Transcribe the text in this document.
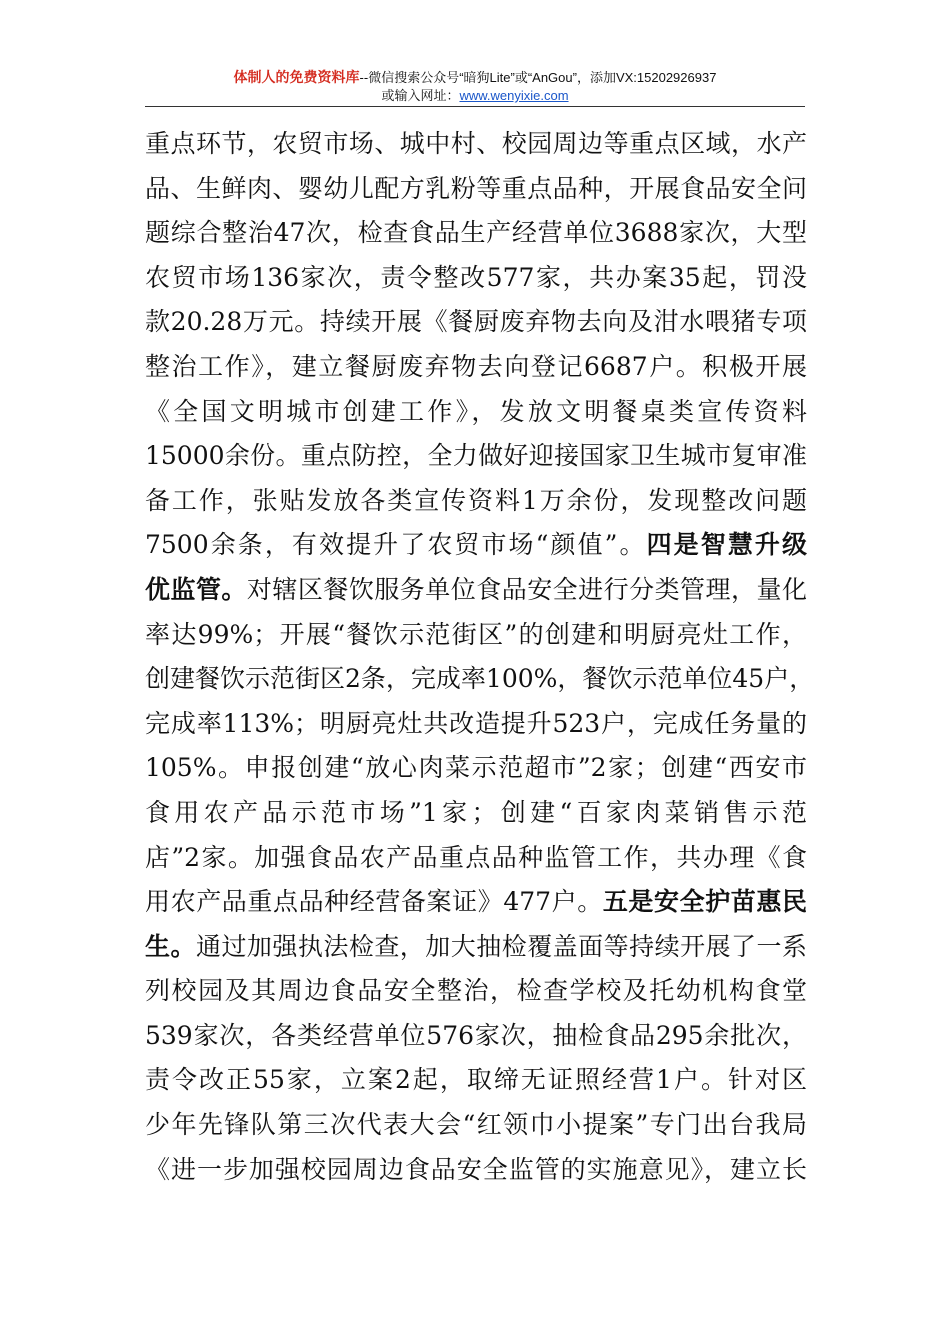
体制人的免费资料库--微信搜索公众号“暗狗Lite”或“AnGou”，添加VX:15202926937
或输入网址：www.wenyixie.com
重点环节，农贸市场、城中村、校园周边等重点区域，水产
品、生鲜肉、婴幼儿配方乳粉等重点品种，开展食品安全问
题综合整治47次，检查食品生产经营单位3688家次，大型
农贸市场136家次，责令整改577家，共办案35起，罚没
款20.28万元。持续开展《餐厨废弃物去向及泔水喂猪专项
整治工作》，建立餐厨废弃物去向登记6687户。积极开展
《全国文明城市创建工作》，发放文明餐桌类宣传资料
15000余份。重点防控，全力做好迎接国家卫生城市复审准
备工作，张贴发放各类宣传资料1万余份，发现整改问题
7500余条，有效提升了农贸市场“颜值”。四是智慧升级
优监管。对辖区餐饮服务单位食品安全进行分类管理，量化
率达99%；开展“餐饮示范街区”的创建和明厨亮灶工作，
创建餐饮示范街区2条，完成率100%，餐饮示范单位45户，
完成率113%；明厨亮灶共改造提升523户，完成任务量的
105%。申报创建“放心肉菜示范超市”2家；创建“西安市
食用农产品示范市场”1家；创建“百家肉菜销售示范
店”2家。加强食品农产品重点品种监管工作，共办理《食
用农产品重点品种经营备案证》477户。五是安全护苗惠民
生。通过加强执法检查，加大抽检覆盖面等持续开展了一系
列校园及其周边食品安全整治，检查学校及托幼机构食堂
539家次，各类经营单位576家次，抽检食品295余批次，
责令改正55家，立案2起，取缔无证照经营1户。针对区
少年先锋队第三次代表大会“红领巾小提案”专门出台我局
《进一步加强校园周边食品安全监管的实施意见》，建立长
